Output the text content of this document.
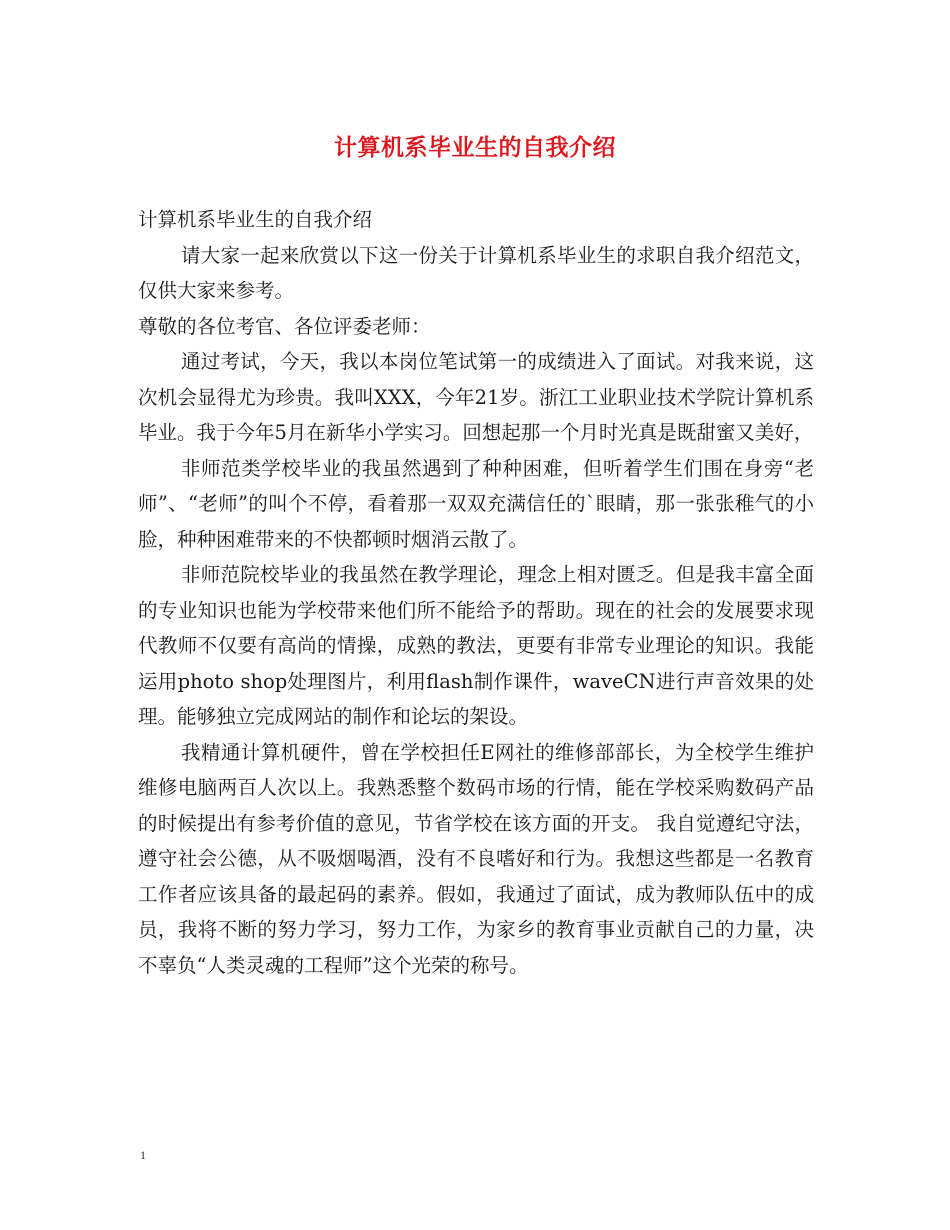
计算机系毕业生的自我介绍

计算机系毕业生的自我介绍

请大家一起来欣赏以下这一份关于计算机系毕业生的求职自我介绍范文，仅供大家来参考。

尊敬的各位考官、各位评委老师：

通过考试，今天，我以本岗位笔试第一的成绩进入了面试。对我来说，这次机会显得尤为珍贵。我叫XXX，今年21岁。浙江工业职业技术学院计算机系毕业。我于今年5月在新华小学实习。回想起那一个月时光真是既甜蜜又美好，

非师范类学校毕业的我虽然遇到了种种困难，但听着学生们围在身旁“老师”、“老师”的叫个不停，看着那一双双充满信任的`眼睛，那一张张稚气的小脸，种种困难带来的不快都顿时烟消云散了。

非师范院校毕业的我虽然在教学理论，理念上相对匮乏。但是我丰富全面的专业知识也能为学校带来他们所不能给予的帮助。现在的社会的发展要求现代教师不仅要有高尚的情操，成熟的教法，更要有非常专业理论的知识。我能运用photo shop处理图片，利用flash制作课件，waveCN进行声音效果的处理。能够独立完成网站的制作和论坛的架设。

我精通计算机硬件，曾在学校担任E网社的维修部部长，为全校学生维护维修电脑两百人次以上。我熟悉整个数码市场的行情，能在学校采购数码产品的时候提出有参考价值的意见，节省学校在该方面的开支。 我自觉遵纪守法，遵守社会公德，从不吸烟喝酒，没有不良嗜好和行为。我想这些都是一名教育工作者应该具备的最起码的素养。假如，我通过了面试，成为教师队伍中的成员，我将不断的努力学习，努力工作，为家乡的教育事业贡献自己的力量，决不辜负“人类灵魂的工程师”这个光荣的称号。

1
